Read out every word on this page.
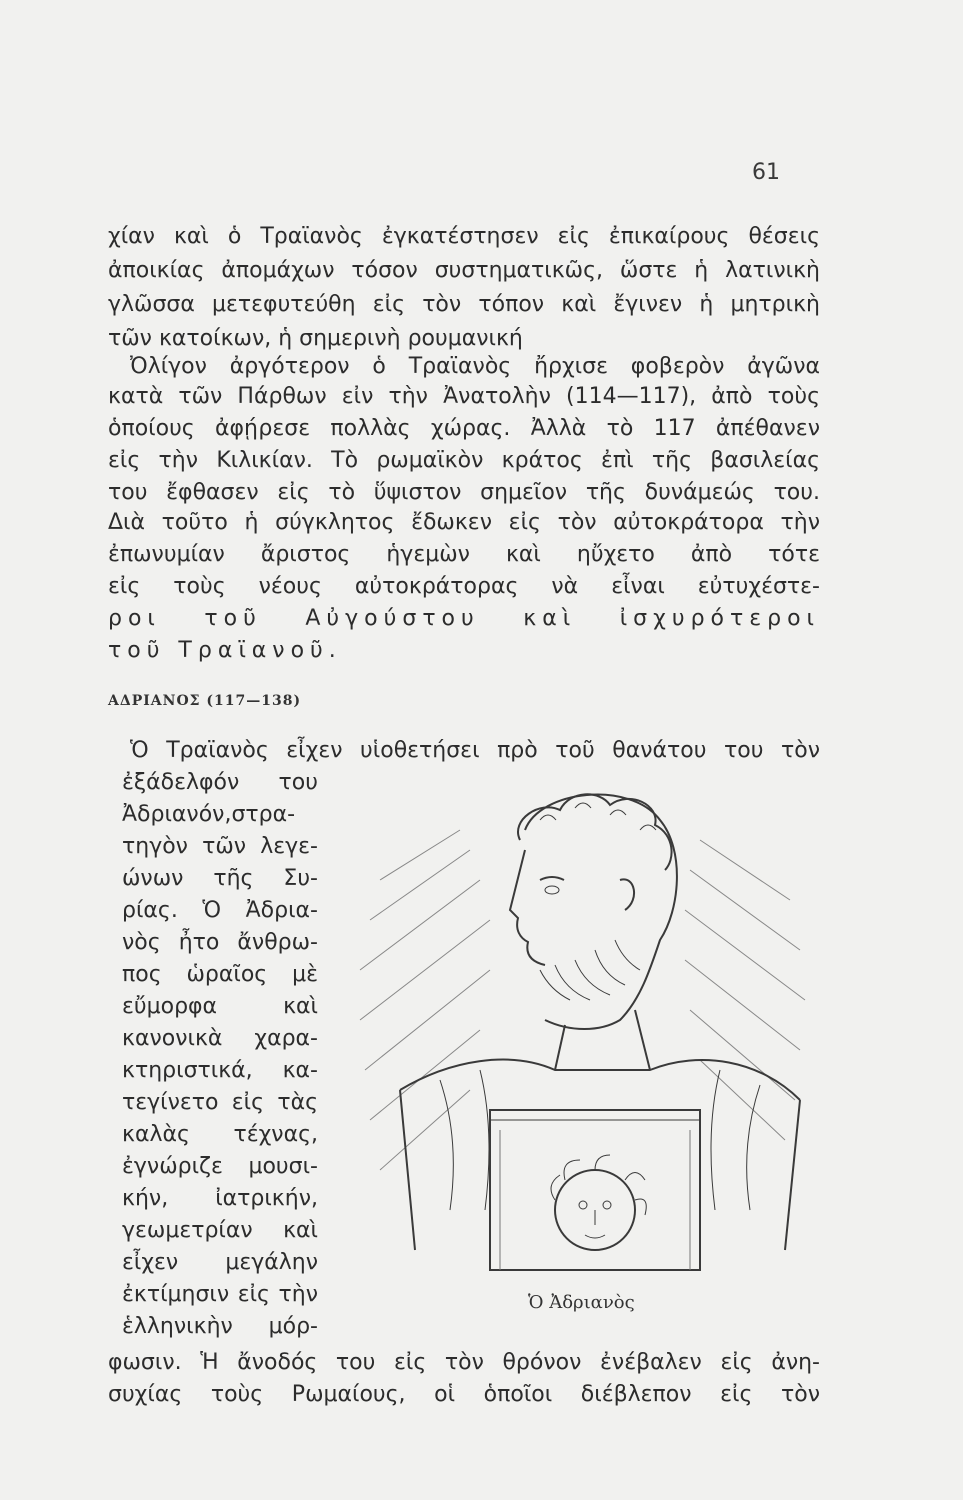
61
χίαν καὶ ὁ Τραϊανὸς ἐγκατέστησεν εἰς ἐπικαίρους θέσεις
ἀποικίας ἀπομάχων τόσον συστηματικῶς, ὥστε ἡ λατινικὴ
γλῶσσα μετεφυτεύθη εἰς τὸν τόπον καὶ ἔγινεν ἡ μητρικὴ
τῶν κατοίκων, ἡ σημερινὴ ρουμανική
Ὀλίγον ἀργότερον ὁ Τραϊανὸς ἤρχισε φοβερὸν ἀγῶνα
κατὰ τῶν Πάρθων εἰν τὴν Ἀνατολὴν (114—117), ἀπὸ τοὺς
ὁποίους ἀφῄρεσε πολλὰς χώρας. Ἀλλὰ τὸ 117 ἀπέθανεν
εἰς τὴν Κιλικίαν. Τὸ ρωμαϊκὸν κράτος ἐπὶ τῆς βασιλείας
του ἔφθασεν εἰς τὸ ὕψιστον σημεῖον τῆς δυνάμεώς του.
Διὰ τοῦτο ἡ σύγκλητος ἔδωκεν εἰς τὸν αὐτοκράτορα τὴν
ἐπωνυμίαν ἄριστος ἡγεμὼν καὶ ηὔχετο ἀπὸ τότε
εἰς τοὺς νέους αὐτοκράτορας νὰ εἶναι εὐτυχέστε-
ροι τοῦ Αὐγούστου καὶ ἰσχυρότεροι
τοῦ Τραϊανοῦ.
ΑΔΡΙΑΝΟΣ (117—138)
Ὁ Τραϊανὸς εἶχεν υἱοθετήσει πρὸ τοῦ θανάτου του τὸν
ἐξάδελφόν του
Ἀδριανόν,στρα-
τηγὸν τῶν λεγε-
ώνων τῆς Συ-
ρίας. Ὁ Ἀδρια-
νὸς ἦτο ἄνθρω-
πος ὡραῖος μὲ
εὔμορφα καὶ
κανονικὰ χαρα-
κτηριστικά, κα-
τεγίνετο εἰς τὰς
καλὰς τέχνας,
ἐγνώριζε μουσι-
κήν, ἰατρικήν,
γεωμετρίαν καὶ
εἶχεν μεγάλην
ἐκτίμησιν εἰς τὴν
ἑλληνικὴν μόρ-
Ὁ Ἀδριανὸς
φωσιν. Ἡ ἄνοδός του εἰς τὸν θρόνον ἐνέβαλεν εἰς ἀνη-
συχίας τοὺς Ρωμαίους, οἱ ὁποῖοι διέβλεπον εἰς τὸν
